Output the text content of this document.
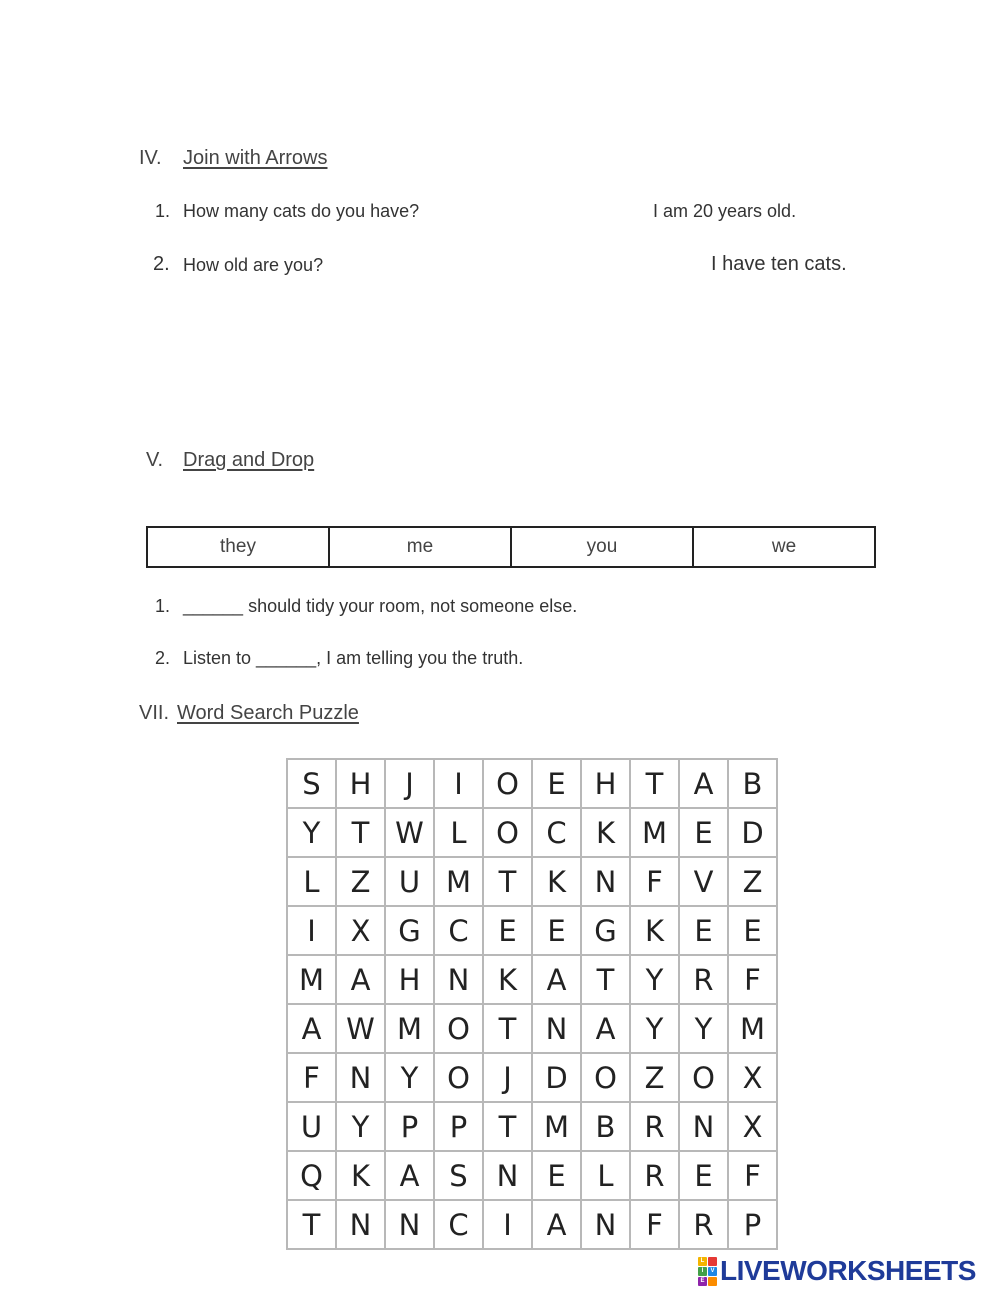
IV. Join with Arrows
1. How many cats do you have?	I am 20 years old.
2. How old are you?	I have ten cats.
V. Drag and Drop
they	me	you	we
1. ______ should tidy your room, not someone else.
2. Listen to ______, I am telling you the truth.
VII. Word Search Puzzle
S	H	J	I	O	E	H	T	A	B
Y	T	W	L	O	C	K	M	E	D
L	Z	U	M	T	K	N	F	V	Z
I	X	G	C	E	E	G	K	E	E
M	A	H	N	K	A	T	Y	R	F
A	W	M	O	T	N	A	Y	Y	M
F	N	Y	O	J	D	O	Z	O	X
U	Y	P	P	T	M	B	R	N	X
Q	K	A	S	N	E	L	R	E	F
T	N	N	C	I	A	N	F	R	P
L
I	V
E LIVEWORKSHEETS
